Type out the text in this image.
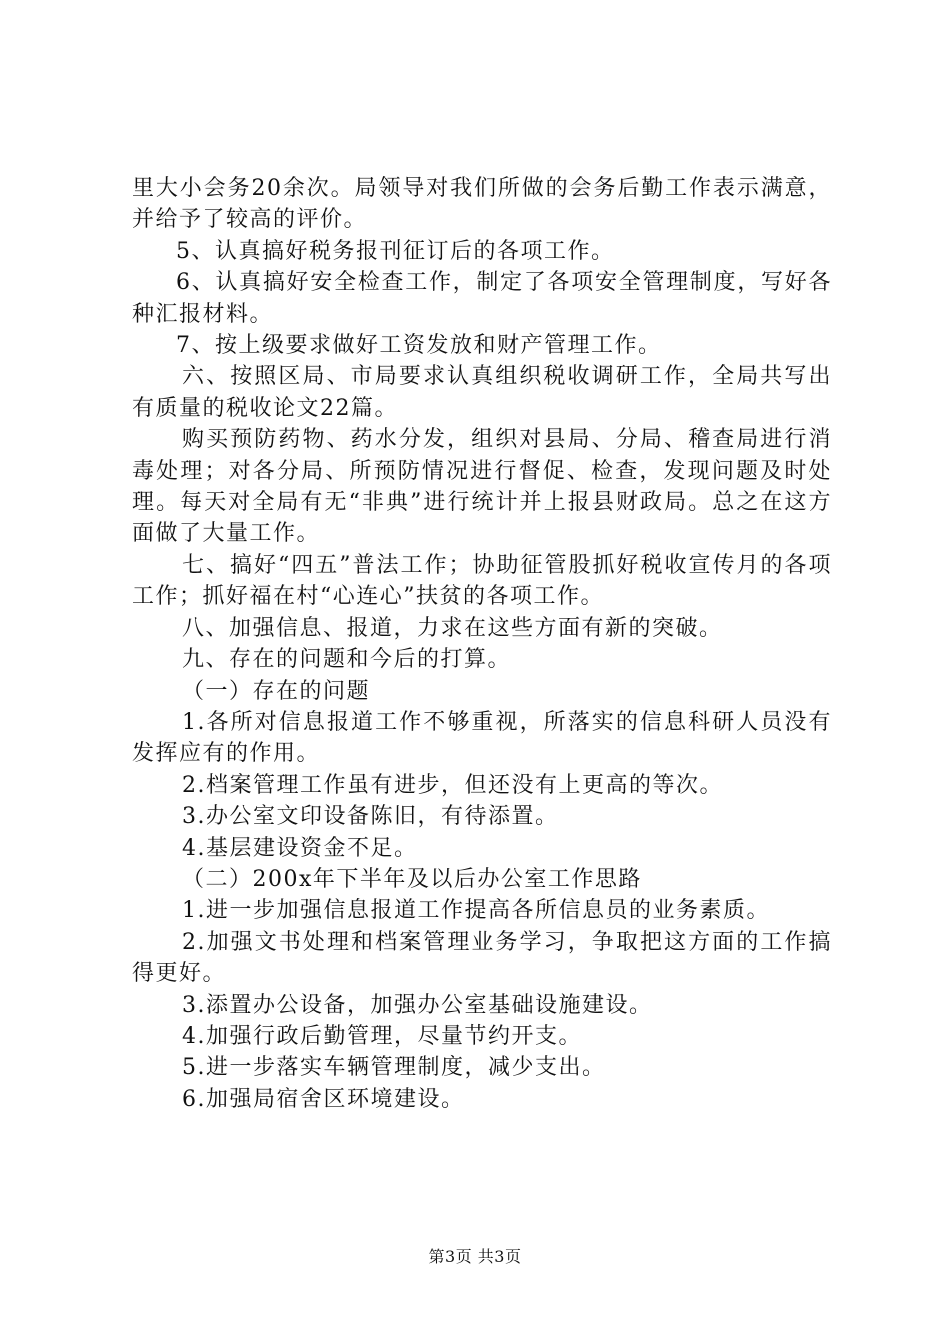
里大小会务20余次。局领导对我们所做的会务后勤工作表示满意，并给予了较高的评价。

5、认真搞好税务报刊征订后的各项工作。

6、认真搞好安全检查工作，制定了各项安全管理制度，写好各种汇报材料。

7、按上级要求做好工资发放和财产管理工作。

六、按照区局、市局要求认真组织税收调研工作，全局共写出有质量的税收论文22篇。

购买预防药物、药水分发，组织对县局、分局、稽查局进行消毒处理；对各分局、所预防情况进行督促、检查，发现问题及时处理。每天对全局有无“非典”进行统计并上报县财政局。总之在这方面做了大量工作。

七、搞好“四五”普法工作；协助征管股抓好税收宣传月的各项工作；抓好福在村“心连心”扶贫的各项工作。

八、加强信息、报道，力求在这些方面有新的突破。

九、存在的问题和今后的打算。

（一）存在的问题

1.各所对信息报道工作不够重视，所落实的信息科研人员没有发挥应有的作用。

2.档案管理工作虽有进步，但还没有上更高的等次。

3.办公室文印设备陈旧，有待添置。

4.基层建设资金不足。

（二）200x年下半年及以后办公室工作思路

1.进一步加强信息报道工作提高各所信息员的业务素质。

2.加强文书处理和档案管理业务学习，争取把这方面的工作搞得更好。

3.添置办公设备，加强办公室基础设施建设。

4.加强行政后勤管理，尽量节约开支。

5.进一步落实车辆管理制度，减少支出。

6.加强局宿舍区环境建设。

第3页 共3页
